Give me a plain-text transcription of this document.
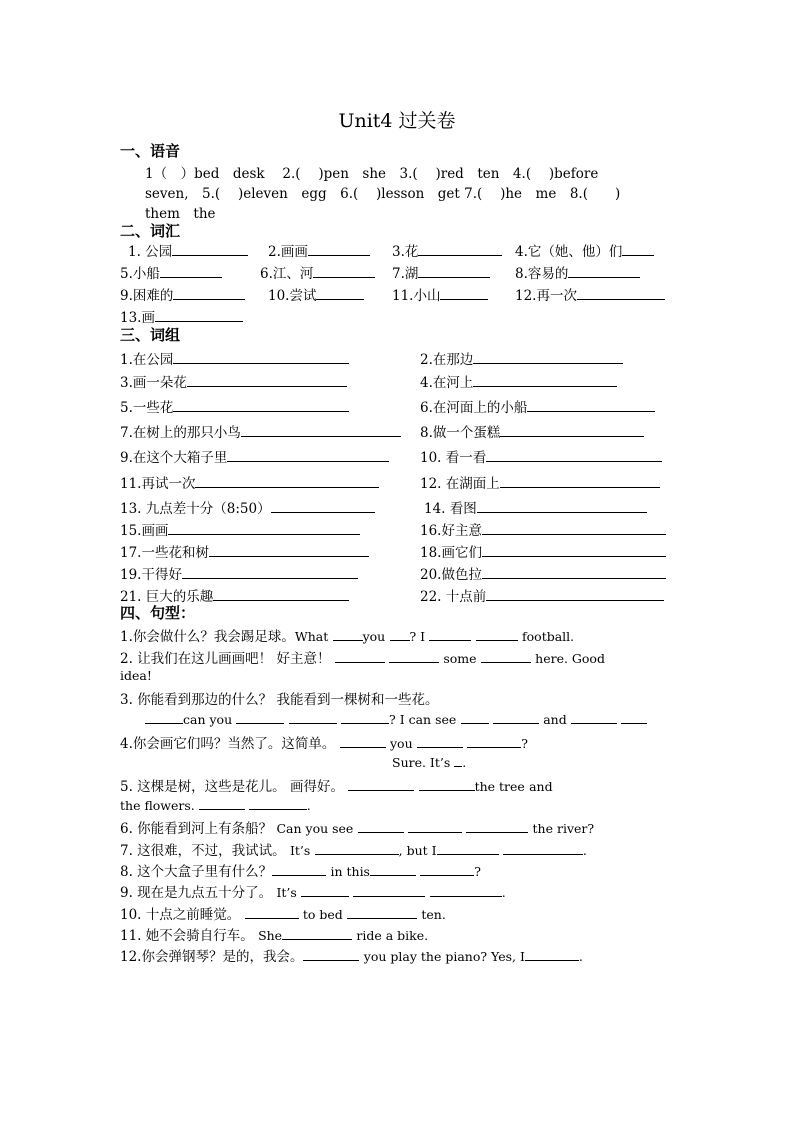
Unit4 过关卷
一、语音
1（　）bed　desk　 2.(　 )pen　she　3.(　 )red　ten　4.(　 )before
seven,　5.(　 )eleven　egg　6.(　 )lesson　get 7.(　 )he　me　8.(　　)
them　the
二、词汇
1. 公园	2.画画	3.花	4.它（她、他）们
5.小船	6.江、河	7.湖	8.容易的
9.困难的	10.尝试	11.小山	12.再一次
13.画
三、词组
1.在公园	2.在那边
3.画一朵花	4.在河上
5.一些花	6.在河面上的小船
7.在树上的那只小鸟	8.做一个蛋糕
9.在这个大箱子里	10. 看一看
11.再试一次	12. 在湖面上
13. 九点差十分（8:50）	14. 看图
15.画画	16.好主意
17.一些花和树	18.画它们
19.干得好	20.做色拉
21. 巨大的乐趣	22. 十点前
四、句型：
1.你会做什么？我会踢足球。What	you ? I	football.
2. 让我们在这儿画画吧！ 好主意！	some	here. Good
idea!
3. 你能看到那边的什么？ 我能看到一棵树和一些花。
can you	? I can see	and
4.你会画它们吗？当然了。这简单。	you	?
Sure. It’s .
5. 这棵是树，这些是花儿。 画得好。	the tree and
the flowers.	.
6. 你能看到河上有条船？ Can you see	the river?
7. 这很难，不过，我试试。 It’s	, but I	.
8. 这个大盒子里有什么？	in this	?
9. 现在是九点五十分了。 It’s	.
10. 十点之前睡觉。	to bed	ten.
11. 她不会骑自行车。 She	ride a bike.
12.你会弹钢琴？是的，我会。	you play the piano? Yes, I	.
